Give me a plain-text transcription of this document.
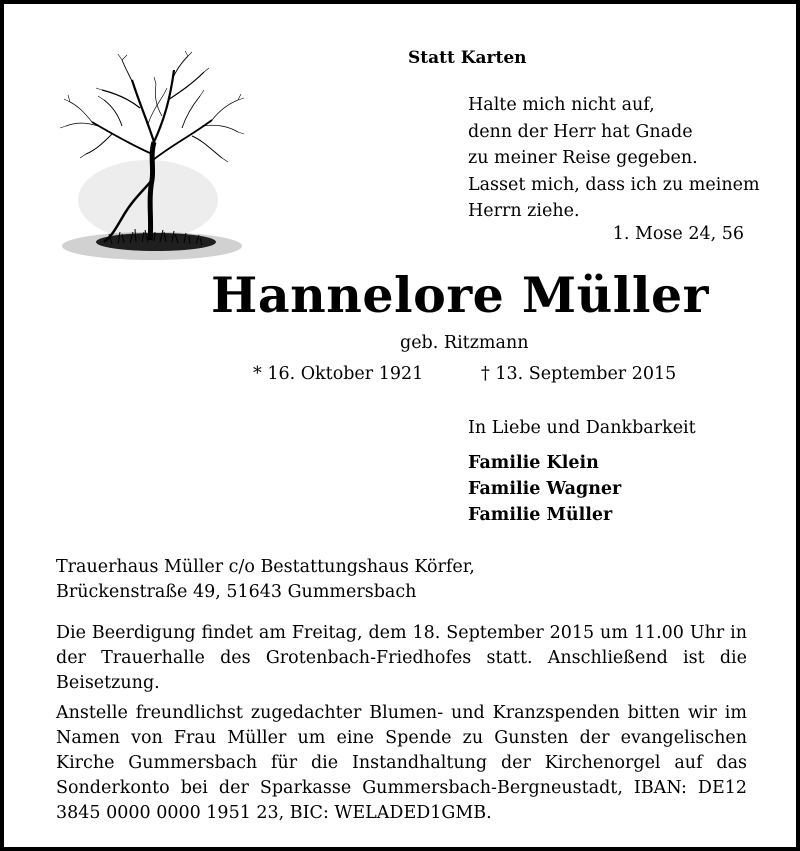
Statt Karten
Halte mich nicht auf,
denn der Herr hat Gnade
zu meiner Reise gegeben.
Lasset mich, dass ich zu meinem
Herrn ziehe.
1. Mose 24, 56
Hannelore Müller
geb. Ritzmann
* 16. Oktober 1921	† 13. September 2015
In Liebe und Dankbarkeit
Familie Klein
Familie Wagner
Familie Müller
Trauerhaus Müller c/o Bestattungshaus Körfer,
Brückenstraße 49, 51643 Gummersbach

Die Beerdigung findet am Freitag, dem 18. September 2015 um 11.00 Uhr in der Trauerhalle des Grotenbach-Friedhofes statt. Anschließend ist die Beisetzung.

Anstelle freundlichst zugedachter Blumen- und Kranzspenden bitten wir im Namen von Frau Müller um eine Spende zu Gunsten der evangelischen Kirche Gummersbach für die Instandhaltung der Kirchenorgel auf das Sonderkonto bei der Sparkasse Gummersbach-Bergneustadt, IBAN: DE12 3845 0000 0000 1951 23, BIC: WELADED1GMB.
